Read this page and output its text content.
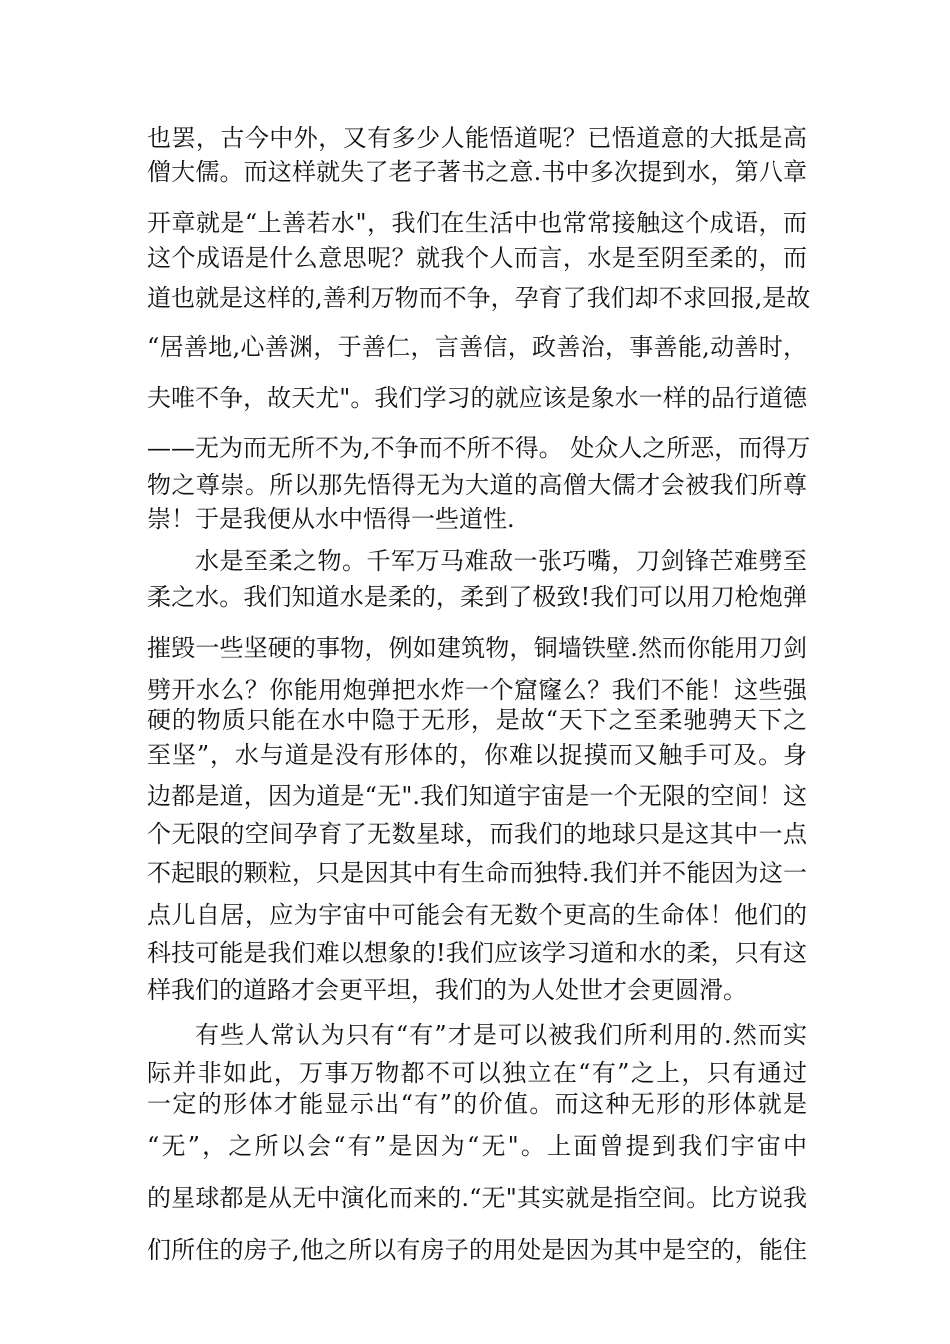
也罢，古今中外，又有多少人能悟道呢？已悟道意的大抵是高
僧大儒。而这样就失了老子著书之意.书中多次提到水，第八章
开章就是“上善若水"，我们在生活中也常常接触这个成语，而
这个成语是什么意思呢？就我个人而言，水是至阴至柔的，而
道也就是这样的,善利万物而不争，孕育了我们却不求回报,是故
“居善地,心善渊，于善仁，言善信，政善治，事善能,动善时，
夫唯不争，故天尤"。我们学习的就应该是象水一样的品行道德
——无为而无所不为,不争而不所不得。 处众人之所恶，而得万
物之尊崇。所以那先悟得无为大道的高僧大儒才会被我们所尊
崇！于是我便从水中悟得一些道性.
水是至柔之物。千军万马难敌一张巧嘴，刀剑锋芒难劈至
柔之水。我们知道水是柔的，柔到了极致!我们可以用刀枪炮弹
摧毁一些坚硬的事物，例如建筑物，铜墙铁壁.然而你能用刀剑
劈开水么？你能用炮弹把水炸一个窟窿么？我们不能！这些强
硬的物质只能在水中隐于无形，是故“天下之至柔驰骋天下之
至坚”，水与道是没有形体的，你难以捉摸而又触手可及。身
边都是道，因为道是“无".我们知道宇宙是一个无限的空间！这
个无限的空间孕育了无数星球，而我们的地球只是这其中一点
不起眼的颗粒，只是因其中有生命而独特.我们并不能因为这一
点儿自居，应为宇宙中可能会有无数个更高的生命体！他们的
科技可能是我们难以想象的!我们应该学习道和水的柔，只有这
样我们的道路才会更平坦，我们的为人处世才会更圆滑。
有些人常认为只有“有”才是可以被我们所利用的.然而实
际并非如此，万事万物都不可以独立在“有”之上，只有通过
一定的形体才能显示出“有”的价值。而这种无形的形体就是
“无”，之所以会“有”是因为“无"。上面曾提到我们宇宙中
的星球都是从无中演化而来的.“无"其实就是指空间。比方说我
们所住的房子,他之所以有房子的用处是因为其中是空的，能住
